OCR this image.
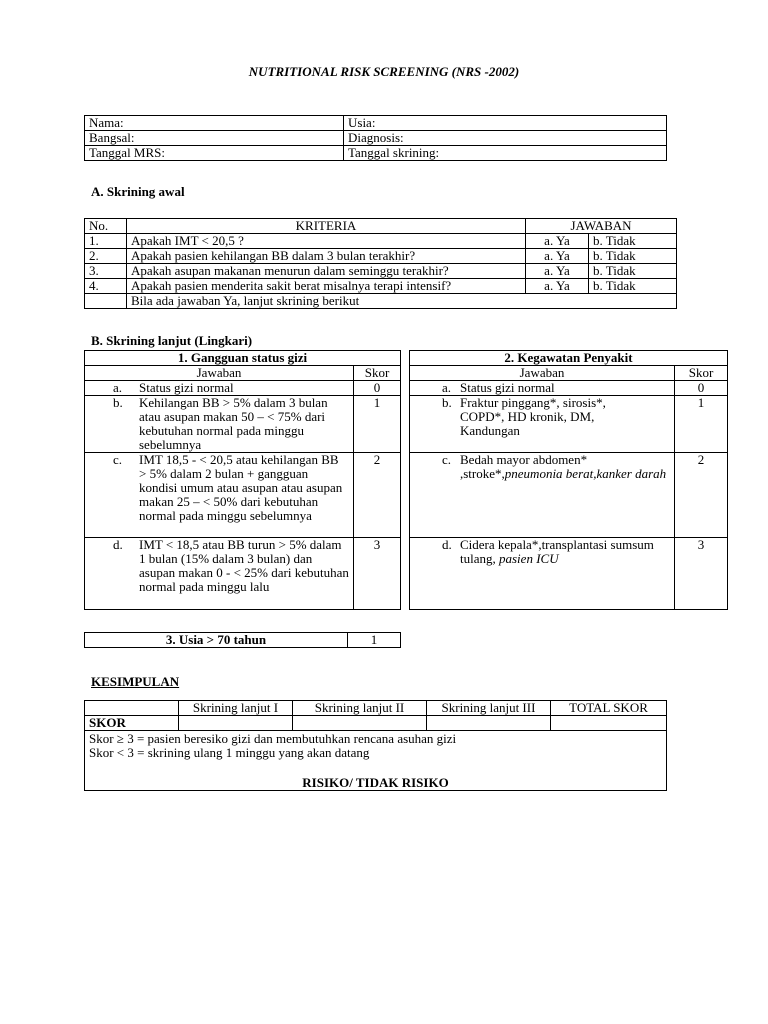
NUTRITIONAL RISK SCREENING (NRS -2002)
Nama:	Usia:
Bangsal:	Diagnosis:
Tanggal MRS:	Tanggal skrining:
A. Skrining awal
No.	KRITERIA	JAWABAN	
1.	Apakah IMT < 20,5 ?	a. Ya	b. Tidak
2.	Apakah pasien kehilangan BB dalam 3 bulan terakhir?	a. Ya	b. Tidak
3.	Apakah asupan makanan menurun dalam seminggu terakhir?	a. Ya	b. Tidak
4.	Apakah pasien menderita sakit berat misalnya terapi intensif?	a. Ya	b. Tidak
	Bila ada jawaban Ya, lanjut skrining berikut		
B. Skrining lanjut (Lingkari)
1. Gangguan status gizi	
Jawaban	Skor

a. Status gizi normal	0

b. Kehilangan BB > 5% dalam 3 bulan atau asupan makan 50 – < 75% dari kebutuhan normal pada minggu sebelumnya	1

c. IMT 18,5 - < 20,5 atau kehilangan BB > 5% dalam 2 bulan + gangguan kondisi umum atau asupan atau asupan makan 25 – < 50% dari kebutuhan normal pada minggu sebelumnya	2

d. IMT < 18,5 atau BB turun > 5% dalam 1 bulan (15% dalam 3 bulan) dan asupan makan 0 - < 25% dari kebutuhan normal pada minggu lalu	3
2. Kegawatan Penyakit	
Jawaban	Skor

a. Status gizi normal	0

b. Fraktur pinggang*, sirosis*, COPD*, HD kronik, DM, Kandungan	1

c. Bedah mayor abdomen* ,stroke*,pneumonia berat,kanker darah	2

d. Cidera kepala*,transplantasi sumsum tulang, pasien ICU	3
3. Usia > 70 tahun	1
KESIMPULAN
	Skrining lanjut I	Skrining lanjut II	Skrining lanjut III	TOTAL SKOR
SKOR				

Skor ≥ 3 = pasien beresiko gizi dan membutuhkan rencana asuhan gizi
Skor < 3 = skrining ulang 1 minggu yang akan datang
RISIKO/ TIDAK RISIKO				
